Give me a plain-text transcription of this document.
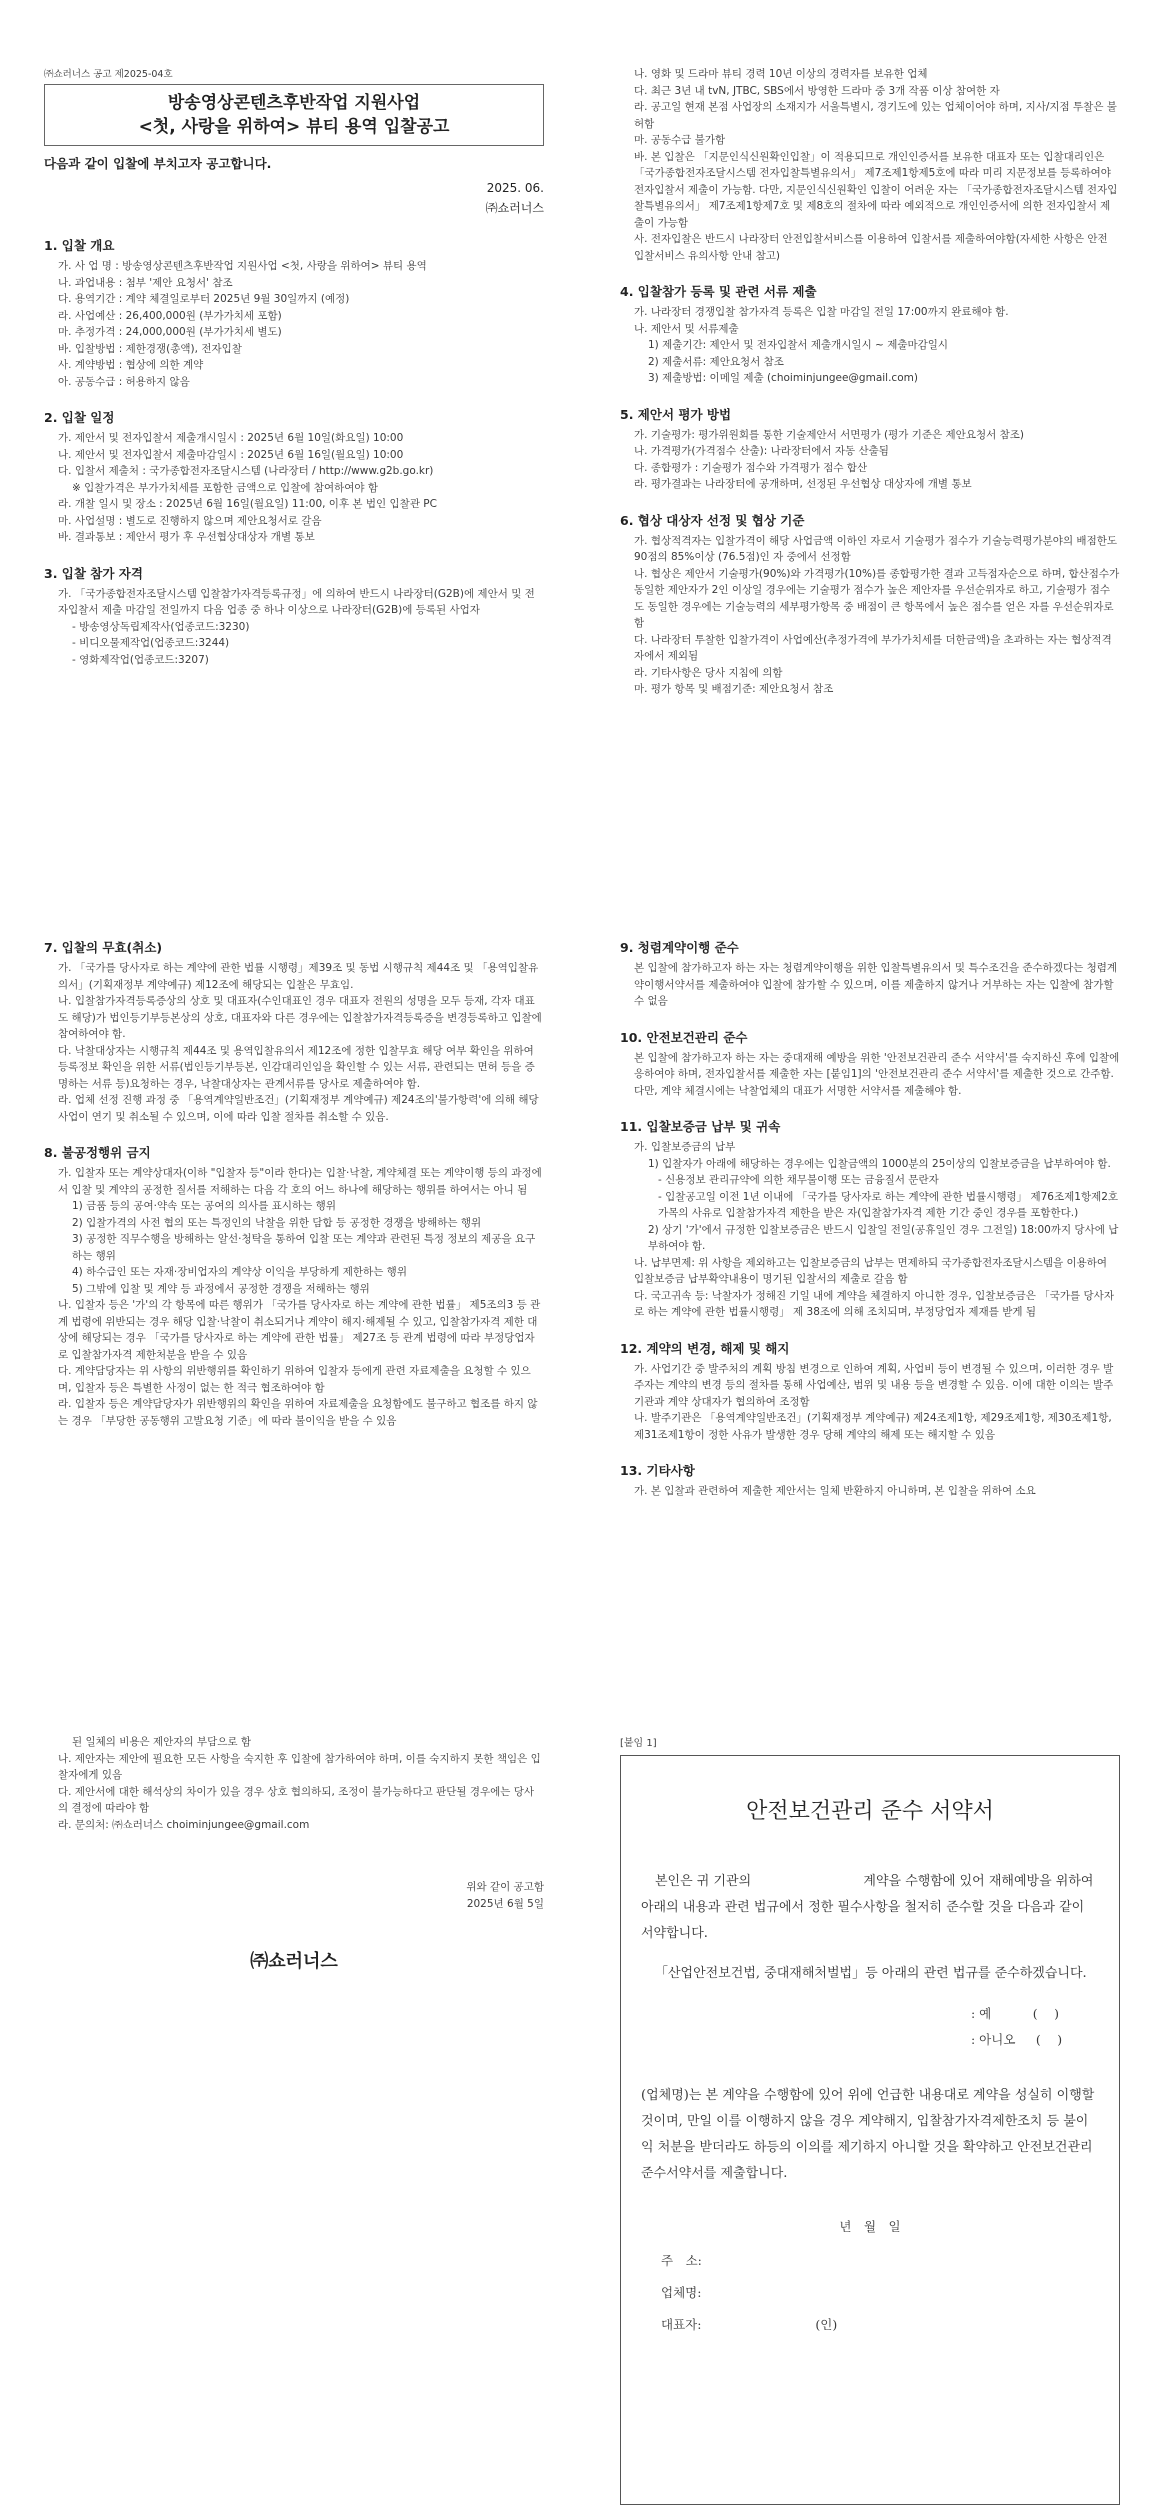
㈜쇼러너스 공고 제2025-04호
방송영상콘텐츠후반작업 지원사업
<첫, 사랑을 위하여> 뷰티 용역 입찰공고
다음과 같이 입찰에 부치고자 공고합니다.
2025. 06.
㈜쇼러너스
1. 입찰 개요
가. 사 업 명 : 방송영상콘텐츠후반작업 지원사업 <첫, 사랑을 위하여> 뷰티 용역
나. 과업내용 : 첨부 '제안 요청서' 참조
다. 용역기간 : 계약 체결일로부터 2025년 9월 30일까지 (예정)
라. 사업예산 : 26,400,000원 (부가가치세 포함)
마. 추정가격 : 24,000,000원 (부가가치세 별도)
바. 입찰방법 : 제한경쟁(총액), 전자입찰
사. 계약방법 : 협상에 의한 계약
아. 공동수급 : 허용하지 않음
2. 입찰 일정
가. 제안서 및 전자입찰서 제출개시일시 : 2025년 6월 10일(화요일) 10:00
나. 제안서 및 전자입찰서 제출마감일시 : 2025년 6월 16일(월요일) 10:00
다. 입찰서 제출처 : 국가종합전자조달시스템 (나라장터 / http://www.g2b.go.kr)
※ 입찰가격은 부가가치세를 포함한 금액으로 입찰에 참여하여야 함
라. 개찰 일시 및 장소 : 2025년 6월 16일(월요일) 11:00, 이후 본 법인 입찰관 PC
마. 사업설명 : 별도로 진행하지 않으며 제안요청서로 갈음
바. 결과통보 : 제안서 평가 후 우선협상대상자 개별 통보
3. 입찰 참가 자격
가. 「국가종합전자조달시스템 입찰참가자격등록규정」에 의하여 반드시 나라장터(G2B)에 제안서 및 전자입찰서 제출 마감일 전일까지 다음 업종 중 하나 이상으로 나라장터(G2B)에 등록된 사업자
- 방송영상독립제작사(업종코드:3230)
- 비디오물제작업(업종코드:3244)
- 영화제작업(업종코드:3207)
나. 영화 및 드라마 뷰티 경력 10년 이상의 경력자를 보유한 업체
다. 최근 3년 내 tvN, JTBC, SBS에서 방영한 드라마 중 3개 작품 이상 참여한 자
라. 공고일 현재 본점 사업장의 소재지가 서울특별시, 경기도에 있는 업체이어야 하며, 지사/지점 투찰은 불허함
마. 공동수급 불가함
바. 본 입찰은 「지문인식신원확인입찰」이 적용되므로 개인인증서를 보유한 대표자 또는 입찰대리인은 「국가종합전자조달시스템 전자입찰특별유의서」 제7조제1항제5호에 따라 미리 지문정보를 등록하여야 전자입찰서 제출이 가능함. 다만, 지문인식신원확인 입찰이 어려운 자는 「국가종합전자조달시스템 전자입찰특별유의서」 제7조제1항제7호 및 제8호의 절차에 따라 예외적으로 개인인증서에 의한 전자입찰서 제출이 가능함
사. 전자입찰은 반드시 나라장터 안전입찰서비스를 이용하여 입찰서를 제출하여야함(자세한 사항은 안전 입찰서비스 유의사항 안내 참고)
4. 입찰참가 등록 및 관련 서류 제출
가. 나라장터 경쟁입찰 참가자격 등록은 입찰 마감일 전일 17:00까지 완료해야 함.
나. 제안서 및 서류제출
1) 제출기간: 제안서 및 전자입찰서 제출개시일시 ~ 제출마감일시
2) 제출서류: 제안요청서 참조
3) 제출방법: 이메일 제출 (choiminjungee@gmail.com)
5. 제안서 평가 방법
가. 기술평가: 평가위원회를 통한 기술제안서 서면평가 (평가 기준은 제안요청서 참조)
나. 가격평가(가격점수 산출): 나라장터에서 자동 산출됨
다. 종합평가 : 기술평가 점수와 가격평가 점수 합산
라. 평가결과는 나라장터에 공개하며, 선정된 우선협상 대상자에 개별 통보
6. 협상 대상자 선정 및 협상 기준
가. 협상적격자는 입찰가격이 해당 사업금액 이하인 자로서 기술평가 점수가 기술능력평가분야의 배점한도 90점의 85%이상 (76.5점)인 자 중에서 선정함
나. 협상은 제안서 기술평가(90%)와 가격평가(10%)를 종합평가한 결과 고득점자순으로 하며, 합산점수가 동일한 제안자가 2인 이상일 경우에는 기술평가 점수가 높은 제안자를 우선순위자로 하고, 기술평가 점수도 동일한 경우에는 기술능력의 세부평가항목 중 배점이 큰 항목에서 높은 점수를 얻은 자를 우선순위자로 함
다. 나라장터 투찰한 입찰가격이 사업예산(추정가격에 부가가치세를 더한금액)을 초과하는 자는 협상적격자에서 제외됨
라. 기타사항은 당사 지침에 의함
마. 평가 항목 및 배점기준: 제안요청서 참조
7. 입찰의 무효(취소)
가. 「국가를 당사자로 하는 계약에 관한 법률 시행령」제39조 및 동법 시행규칙 제44조 및 「용역입찰유의서」(기획재정부 계약예규) 제12조에 해당되는 입찰은 무효임.
나. 입찰참가자격등록증상의 상호 및 대표자(수인대표인 경우 대표자 전원의 성명을 모두 등재, 각자 대표도 해당)가 법인등기부등본상의 상호, 대표자와 다른 경우에는 입찰참가자격등록증을 변경등록하고 입찰에 참여하여야 함.
다. 낙찰대상자는 시행규칙 제44조 및 용역입찰유의서 제12조에 정한 입찰무효 해당 여부 확인을 위하여 등록정보 확인을 위한 서류(법인등기부등본, 인감대리인임을 확인할 수 있는 서류, 관련되는 면허 등을 증명하는 서류 등)요청하는 경우, 낙찰대상자는 관계서류를 당사로 제출하여야 함.
라. 업체 선정 진행 과정 중 「용역계약일반조건」(기획재정부 계약예규) 제24조의'불가항력'에 의해 해당 사업이 연기 및 취소될 수 있으며, 이에 따라 입찰 절차를 취소할 수 있음.
8. 불공정행위 금지
가. 입찰자 또는 계약상대자(이하 "입찰자 등"이라 한다)는 입찰·낙찰, 계약체결 또는 계약이행 등의 과정에서 입찰 및 계약의 공정한 질서를 저해하는 다음 각 호의 어느 하나에 해당하는 행위를 하여서는 아니 됨
1) 금품 등의 공여·약속 또는 공여의 의사를 표시하는 행위
2) 입찰가격의 사전 협의 또는 특정인의 낙찰을 위한 담합 등 공정한 경쟁을 방해하는 행위
3) 공정한 직무수행을 방해하는 알선·청탁을 통하여 입찰 또는 계약과 관련된 특정 정보의 제공을 요구하는 행위
4) 하수급인 또는 자재·장비업자의 계약상 이익을 부당하게 제한하는 행위
5) 그밖에 입찰 및 계약 등 과정에서 공정한 경쟁을 저해하는 행위
나. 입찰자 등은 '가'의 각 항목에 따른 행위가 「국가를 당사자로 하는 계약에 관한 법률」 제5조의3 등 관계 법령에 위반되는 경우 해당 입찰·낙찰이 취소되거나 계약이 해지·해제될 수 있고, 입찰참가자격 제한 대상에 해당되는 경우 「국가를 당사자로 하는 계약에 관한 법률」 제27조 등 관계 법령에 따라 부정당업자로 입찰참가자격 제한처분을 받을 수 있음
다. 계약담당자는 위 사항의 위반행위를 확인하기 위하여 입찰자 등에게 관련 자료제출을 요청할 수 있으며, 입찰자 등은 특별한 사정이 없는 한 적극 협조하여야 함
라. 입찰자 등은 계약담당자가 위반행위의 확인을 위하여 자료제출을 요청함에도 불구하고 협조를 하지 않는 경우 「부당한 공동행위 고발요청 기준」에 따라 불이익을 받을 수 있음
9. 청렴계약이행 준수
본 입찰에 참가하고자 하는 자는 청렴계약이행을 위한 입찰특별유의서 및 특수조건을 준수하겠다는 청렴계약이행서약서를 제출하여야 입찰에 참가할 수 있으며, 이를 제출하지 않거나 거부하는 자는 입찰에 참가할 수 없음
10. 안전보건관리 준수
본 입찰에 참가하고자 하는 자는 중대재해 예방을 위한 '안전보건관리 준수 서약서'를 숙지하신 후에 입찰에 응하여야 하며, 전자입찰서를 제출한 자는 [붙임1]의 '안전보건관리 준수 서약서'를 제출한 것으로 간주함. 다만, 계약 체결시에는 낙찰업체의 대표가 서명한 서약서를 제출해야 함.
11. 입찰보증금 납부 및 귀속
가. 입찰보증금의 납부
1) 입찰자가 아래에 해당하는 경우에는 입찰금액의 1000분의 25이상의 입찰보증금을 납부하여야 함.
- 신용정보 관리규약에 의한 채무불이행 또는 금융질서 문란자
- 입찰공고일 이전 1년 이내에 「국가를 당사자로 하는 계약에 관한 법률시행령」 제76조제1항제2호가목의 사유로 입찰참가자격 제한을 받은 자(입찰참가자격 제한 기간 중인 경우를 포함한다.)
2) 상기 '가'에서 규정한 입찰보증금은 반드시 입찰일 전일(공휴일인 경우 그전일) 18:00까지 당사에 납부하여야 함.
나. 납부면제: 위 사항을 제외하고는 입찰보증금의 납부는 면제하되 국가종합전자조달시스템을 이용하여 입찰보증금 납부확약내용이 명기된 입찰서의 제출로 갈음 함
다. 국고귀속 등: 낙찰자가 정해진 기일 내에 계약을 체결하지 아니한 경우, 입찰보증금은 「국가를 당사자로 하는 계약에 관한 법률시행령」 제 38조에 의해 조치되며, 부정당업자 제재를 받게 됨
12. 계약의 변경, 해제 및 해지
가. 사업기간 중 발주처의 계획 방침 변경으로 인하여 계획, 사업비 등이 변경될 수 있으며, 이러한 경우 발주자는 계약의 변경 등의 절차를 통해 사업예산, 범위 및 내용 등을 변경할 수 있음. 이에 대한 이의는 발주기관과 계약 상대자가 협의하여 조정함
나. 발주기관은 「용역계약일반조건」(기획재정부 계약예규) 제24조제1항, 제29조제1항, 제30조제1항, 제31조제1항이 정한 사유가 발생한 경우 당해 계약의 해제 또는 해지할 수 있음
13. 기타사항
가. 본 입찰과 관련하여 제출한 제안서는 일체 반환하지 아니하며, 본 입찰을 위하여 소요
된 일체의 비용은 제안자의 부담으로 함
나. 제안자는 제안에 필요한 모든 사항을 숙지한 후 입찰에 참가하여야 하며, 이를 숙지하지 못한 책임은 입찰자에게 있음
다. 제안서에 대한 해석상의 차이가 있을 경우 상호 협의하되, 조정이 불가능하다고 판단될 경우에는 당사의 결정에 따라야 함
라. 문의처: ㈜쇼러너스 choiminjungee@gmail.com
위와 같이 공고함
2025년 6월 5일
㈜쇼러너스
[붙임 1]
안전보건관리 준수 서약서

본인은 귀 기관의 　　　　　　　　 계약을 수행함에 있어 재해예방을 위하여 아래의 내용과 관련 법규에서 정한 필수사항을 철저히 준수할 것을 다음과 같이 서약합니다.

「산업안전보건법, 중대재해처벌법」등 아래의 관련 법규를 준수하겠습니다.

: 예 　　　(　 )
: 아니오 　 (　 )

(업체명)는 본 계약을 수행함에 있어 위에 언급한 내용대로 계약을 성실히 이행할 것이며, 만일 이를 이행하지 않을 경우 계약해지, 입찰참가자격제한조치 등 불이익 처분을 받더라도 하등의 이의를 제기하지 아니할 것을 확약하고 안전보건관리 준수서약서를 제출합니다.

년　월　일
주　소:
업체명:
대표자:	(인)
